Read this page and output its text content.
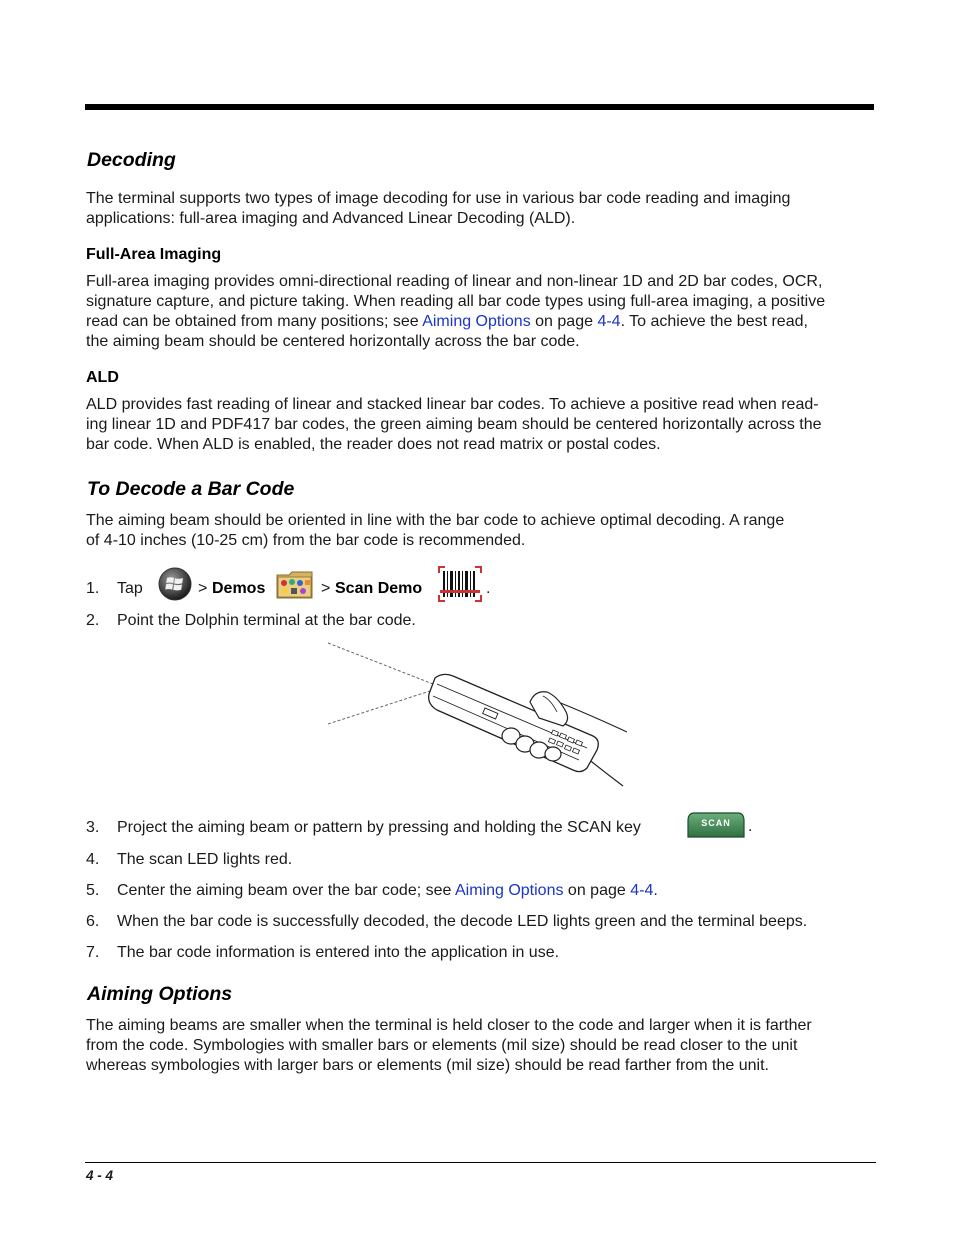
Decoding

The terminal supports two types of image decoding for use in various bar code reading and imaging
applications: full-area imaging and Advanced Linear Decoding (ALD).

Full-Area Imaging

Full-area imaging provides omni-directional reading of linear and non-linear 1D and 2D bar codes, OCR,
signature capture, and picture taking. When reading all bar code types using full-area imaging, a positive
read can be obtained from many positions; see Aiming Options on page 4-4. To achieve the best read,
the aiming beam should be centered horizontally across the bar code.

ALD

ALD provides fast reading of linear and stacked linear bar codes. To achieve a positive read when read-
ing linear 1D and PDF417 bar codes, the green aiming beam should be centered horizontally across the
bar code. When ALD is enabled, the reader does not read matrix or postal codes.

To Decode a Bar Code

The aiming beam should be oriented in line with the bar code to achieve optimal decoding. A range
of 4-10 inches (10-25 cm) from the bar code is recommended.

1. Tap	> Demos	> Scan Demo	.
2. Point the Dolphin terminal at the bar code.
3. Project the aiming beam or pattern by pressing and holding the SCAN key	SCAN .
4. The scan LED lights red.
5. Center the aiming beam over the bar code; see Aiming Options on page 4-4.
6. When the bar code is successfully decoded, the decode LED lights green and the terminal beeps.
7. The bar code information is entered into the application in use.
Aiming Options

The aiming beams are smaller when the terminal is held closer to the code and larger when it is farther
from the code. Symbologies with smaller bars or elements (mil size) should be read closer to the unit
whereas symbologies with larger bars or elements (mil size) should be read farther from the unit.

4 - 4
